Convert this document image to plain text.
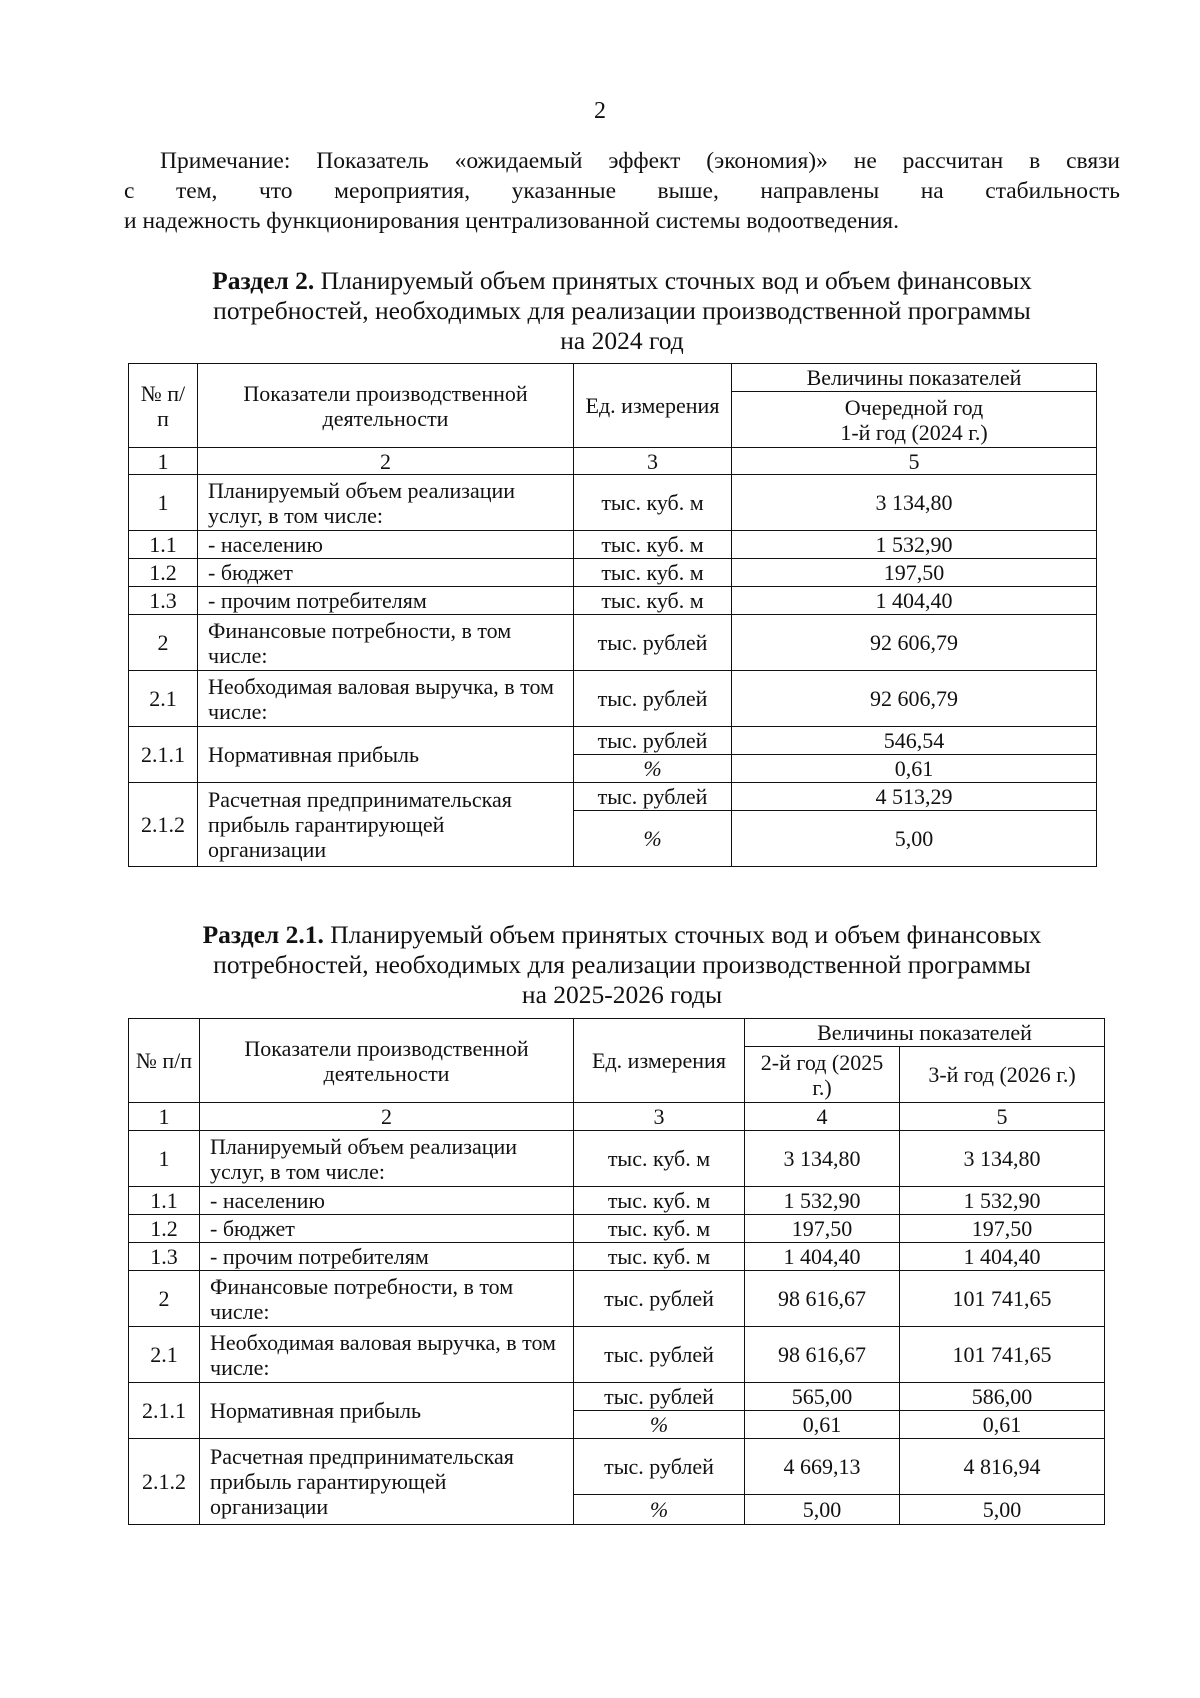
2
Примечание: Показатель «ожидаемый эффект (экономия)» не рассчитан в связи
с тем, что мероприятия, указанные выше, направлены на стабильность
и надежность функционирования централизованной системы водоотведения.
Раздел 2. Планируемый объем принятых сточных вод и объем финансовых
потребностей, необходимых для реализации производственной программы
на 2024 год
№ п/п	Показатели производственной деятельности	Ед. измерения	Величины показателей

			Очередной год
1-й год (2024 г.)

1	2	3	5
1	Планируемый объем реализации услуг, в том числе:	тыс. куб. м	3 134,80
1.1	- населению	тыс. куб. м	1 532,90
1.2	- бюджет	тыс. куб. м	197,50
1.3	- прочим потребителям	тыс. куб. м	1 404,40
2	Финансовые потребности, в том числе:	тыс. рублей	92 606,79
2.1	Необходимая валовая выручка, в том числе:	тыс. рублей	92 606,79
2.1.1	Нормативная прибыль	тыс. рублей	546,54
		%	0,61
2.1.2	Расчетная предпринимательская прибыль гарантирующей организации	тыс. рублей	4 513,29
		%	5,00
Раздел 2.1. Планируемый объем принятых сточных вод и объем финансовых
потребностей, необходимых для реализации производственной программы
на 2025-2026 годы
№ п/п	Показатели производственной деятельности	Ед. измерения	Величины показателей	
			2-й год (2025 г.)	3-й год (2026 г.)
1	2	3	4	5
1	Планируемый объем реализации услуг, в том числе:	тыс. куб. м	3 134,80	3 134,80
1.1	- населению	тыс. куб. м	1 532,90	1 532,90
1.2	- бюджет	тыс. куб. м	197,50	197,50
1.3	- прочим потребителям	тыс. куб. м	1 404,40	1 404,40
2	Финансовые потребности, в том числе:	тыс. рублей	98 616,67	101 741,65
2.1	Необходимая валовая выручка, в том числе:	тыс. рублей	98 616,67	101 741,65
2.1.1	Нормативная прибыль	тыс. рублей	565,00	586,00
		%	0,61	0,61
2.1.2	Расчетная предпринимательская прибыль гарантирующей организации	тыс. рублей	4 669,13	4 816,94
		%	5,00	5,00
